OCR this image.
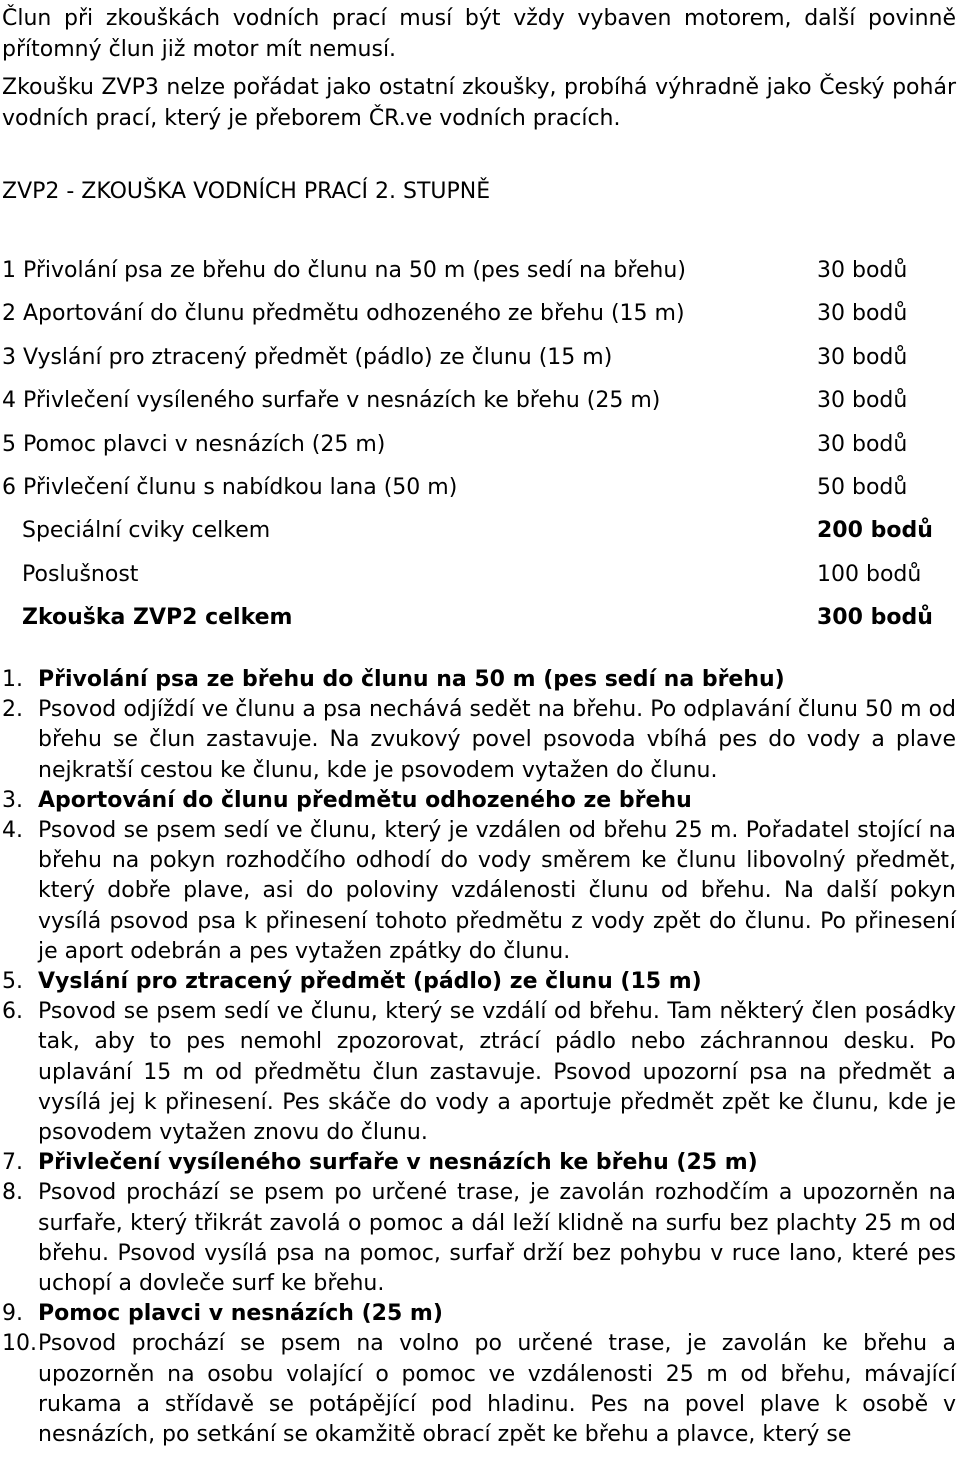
Člun při zkouškách vodních prací musí být vždy vybaven motorem, další povinně přítomný člun již motor mít nemusí.

Zkoušku ZVP3 nelze pořádat jako ostatní zkoušky, probíhá výhradně jako Český pohár vodních prací, který je přeborem ČR.ve vodních pracích.

ZVP2 - ZKOUŠKA VODNÍCH PRACÍ 2. STUPNĚ

1 Přivolání psa ze břehu do člunu na 50 m (pes sedí na břehu)	30 bodů
2 Aportování do člunu předmětu odhozeného ze břehu (15 m)	30 bodů
3 Vyslání pro ztracený předmět (pádlo) ze člunu (15 m)	30 bodů
4 Přivlečení vysíleného surfaře v nesnázích ke břehu (25 m)	30 bodů
5 Pomoc plavci v nesnázích (25 m)	30 bodů
6 Přivlečení člunu s nabídkou lana (50 m)	50 bodů
Speciální cviky celkem	200 bodů
Poslušnost	100 bodů
Zkouška ZVP2 celkem	300 bodů
1. Přivolání psa ze břehu do člunu na 50 m (pes sedí na břehu)
2. Psovod odjíždí ve člunu a psa nechává sedět na břehu. Po odplavání člunu 50 m od břehu se člun zastavuje. Na zvukový povel psovoda vbíhá pes do vody a plave nejkratší cestou ke člunu, kde je psovodem vytažen do člunu.
3. Aportování do člunu předmětu odhozeného ze břehu
4. Psovod se psem sedí ve člunu, který je vzdálen od břehu 25 m. Pořadatel stojící na břehu na pokyn rozhodčího odhodí do vody směrem ke člunu libovolný předmět, který dobře plave, asi do poloviny vzdálenosti člunu od břehu. Na další pokyn vysílá psovod psa k přinesení tohoto předmětu z vody zpět do člunu. Po přinesení je aport odebrán a pes vytažen zpátky do člunu.
5. Vyslání pro ztracený předmět (pádlo) ze člunu (15 m)
6. Psovod se psem sedí ve člunu, který se vzdálí od břehu. Tam některý člen posádky tak, aby to pes nemohl zpozorovat, ztrácí pádlo nebo záchrannou desku. Po uplavání 15 m od předmětu člun zastavuje. Psovod upozorní psa na předmět a vysílá jej k přinesení. Pes skáče do vody a aportuje předmět zpět ke člunu, kde je psovodem vytažen znovu do člunu.
7. Přivlečení vysíleného surfaře v nesnázích ke břehu (25 m)
8. Psovod prochází se psem po určené trase, je zavolán rozhodčím a upozorněn na surfaře, který třikrát zavolá o pomoc a dál leží klidně na surfu bez plachty 25 m od břehu. Psovod vysílá psa na pomoc, surfař drží bez pohybu v ruce lano, které pes uchopí a dovleče surf ke břehu.
9. Pomoc plavci v nesnázích (25 m)
10. Psovod prochází se psem na volno po určené trase, je zavolán ke břehu a upozorněn na osobu volající o pomoc ve vzdálenosti 25 m od břehu, mávající rukama a střídavě se potápějící pod hladinu. Pes na povel plave k osobě v nesnázích, po setkání se okamžitě obrací zpět ke břehu a plavce, který se
